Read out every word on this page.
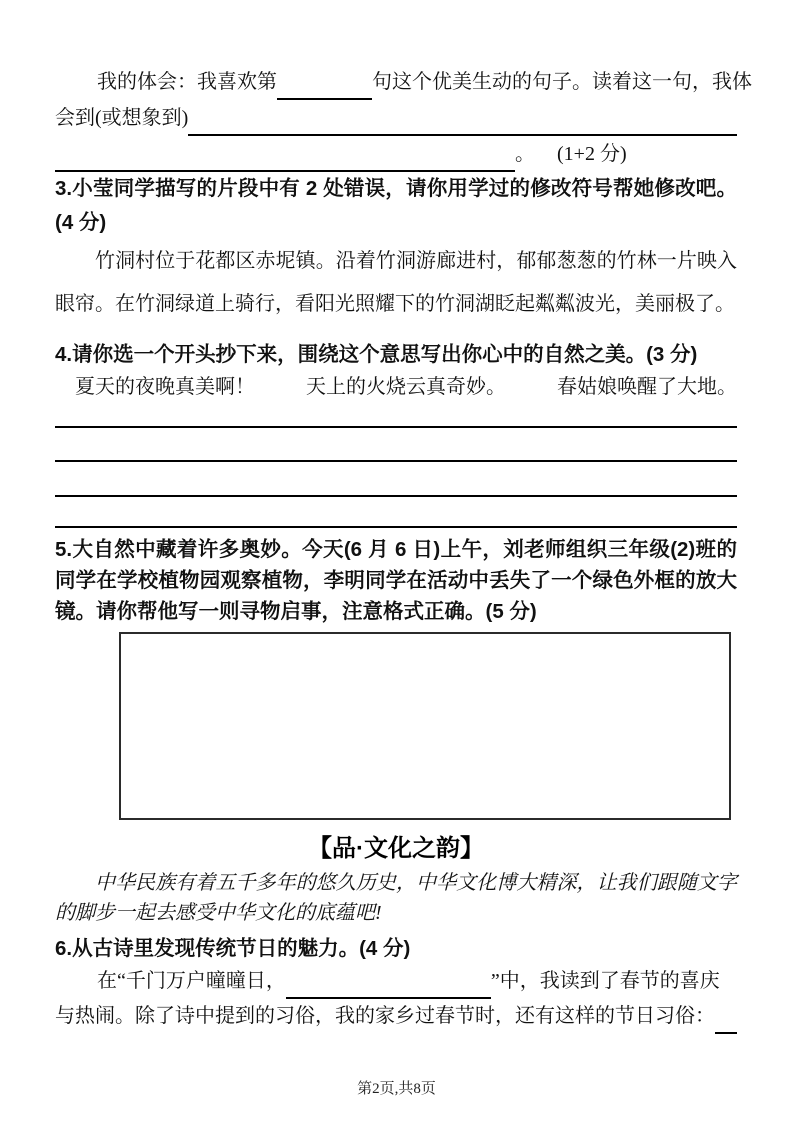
我的体会：我喜欢第	句这个优美生动的句子。读着这一句，我体
会到(或想象到)
。 (1+2 分)

3.小莹同学描写的片段中有 2 处错误，请你用学过的修改符号帮她修改吧。(4 分)

竹洞村位于花都区赤坭镇。沿着竹洞游廊进村，郁郁葱葱的竹林一片映入眼帘。在竹洞绿道上骑行，看阳光照耀下的竹洞湖眨起粼粼波光，美丽极了。

4.请你选一个开头抄下来，围绕这个意思写出你心中的自然之美。(3 分)

夏天的夜晚真美啊！	天上的火烧云真奇妙。	春姑娘唤醒了大地。

5.大自然中藏着许多奥妙。今天(6 月 6 日)上午，刘老师组织三年级(2)班的同学在学校植物园观察植物，李明同学在活动中丢失了一个绿色外框的放大镜。请你帮他写一则寻物启事，注意格式正确。(5 分)

【品·文化之韵】

中华民族有着五千多年的悠久历史，中华文化博大精深，让我们跟随文字的脚步一起去感受中华文化的底蕴吧!

6.从古诗里发现传统节日的魅力。(4 分)

在“千门万户曈曈日，	”中，我读到了春节的喜庆
与热闹。除了诗中提到的习俗，我的家乡过春节时，还有这样的节日习俗：
第2页,共8页
